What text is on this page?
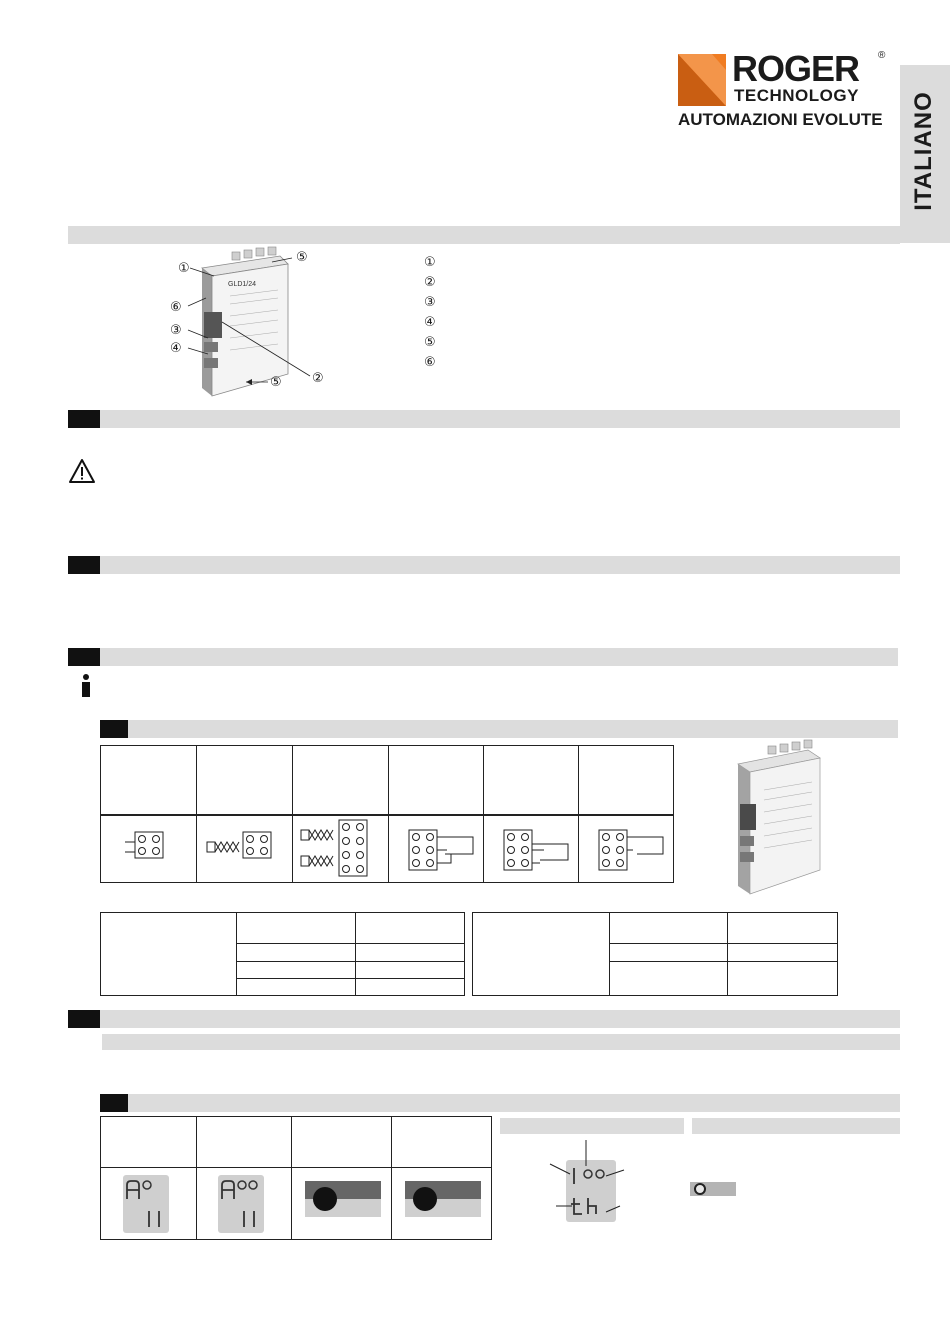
ROGER ®
TECHNOLOGY
AUTOMAZIONI EVOLUTE ITALIANO
GLD1/24
①
⑤
⑥
③
④
②
⑤
①
②
③
④
⑤
⑥
